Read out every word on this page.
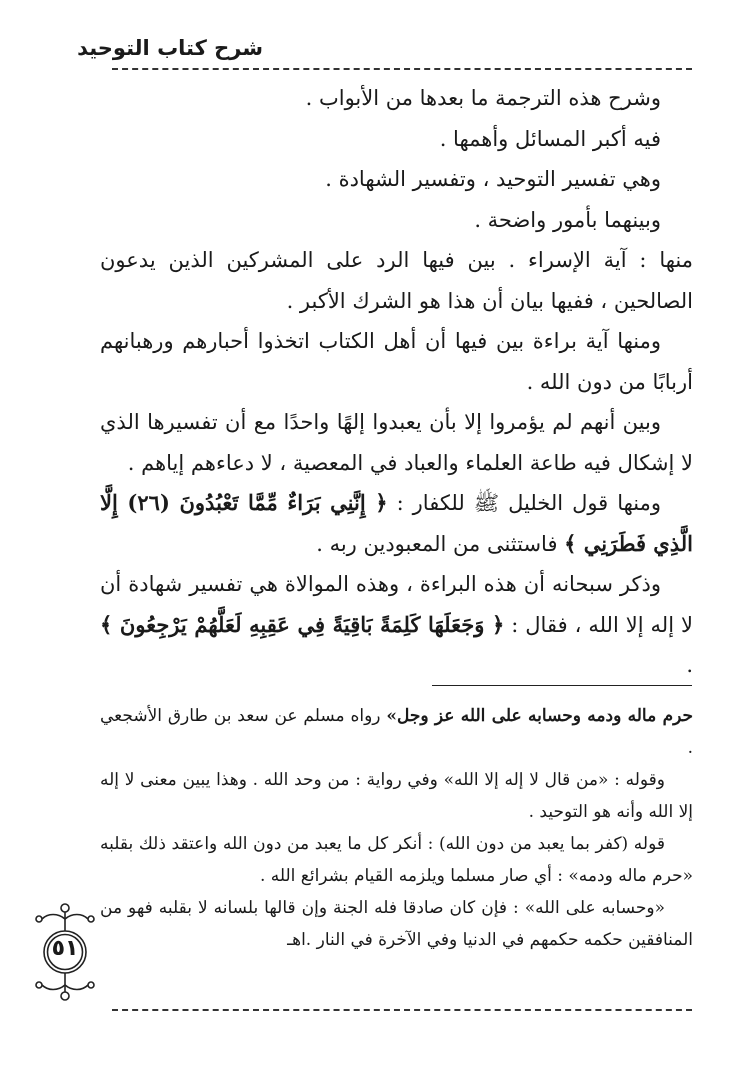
شرح كتاب التوحيد

وشرح هذه الترجمة ما بعدها من الأبواب .

فيه أكبر المسائل وأهمها .

وهي تفسير التوحيد ، وتفسير الشهادة .

وبينهما بأمور واضحة .

منها : آية الإسراء . بين فيها الرد على المشركين الذين يدعون الصالحين ، ففيها بيان أن هذا هو الشرك الأكبر .

ومنها آية براءة بين فيها أن أهل الكتاب اتخذوا أحبارهم ورهبانهم أربابًا من دون الله .

وبين أنهم لم يؤمروا إلا بأن يعبدوا إلهًا واحدًا مع أن تفسيرها الذي لا إشكال فيه طاعة العلماء والعباد في المعصية ، لا دعاءهم إياهم .

ومنها قول الخليل ﷺ للكفار : ﴿ إِنَّنِي بَرَاءٌ مِّمَّا تَعْبُدُونَ (٢٦) إِلَّا الَّذِي فَطَرَنِي ﴾ فاستثنى من المعبودين ربه .

وذكر سبحانه أن هذه البراءة ، وهذه الموالاة هي تفسير شهادة أن لا إله إلا الله ، فقال : ﴿ وَجَعَلَهَا كَلِمَةً بَاقِيَةً فِي عَقِبِهِ لَعَلَّهُمْ يَرْجِعُونَ ﴾ .

حرم ماله ودمه وحسابه على الله عز وجل» رواه مسلم عن سعد بن طارق الأشجعي .

وقوله : «من قال لا إله إلا الله» وفي رواية : من وحد الله . وهذا يبين معنى لا إله إلا الله وأنه هو التوحيد .

قوله (كفر بما يعبد من دون الله) : أنكر كل ما يعبد من دون الله واعتقد ذلك بقلبه «حرم ماله ودمه» : أي صار مسلما ويلزمه القيام بشرائع الله .

«وحسابه على الله» : فإن كان صادقا فله الجنة وإن قالها بلسانه لا بقلبه فهو من المنافقين حكمه حكمهم في الدنيا وفي الآخرة في النار .اهـ

٥١
